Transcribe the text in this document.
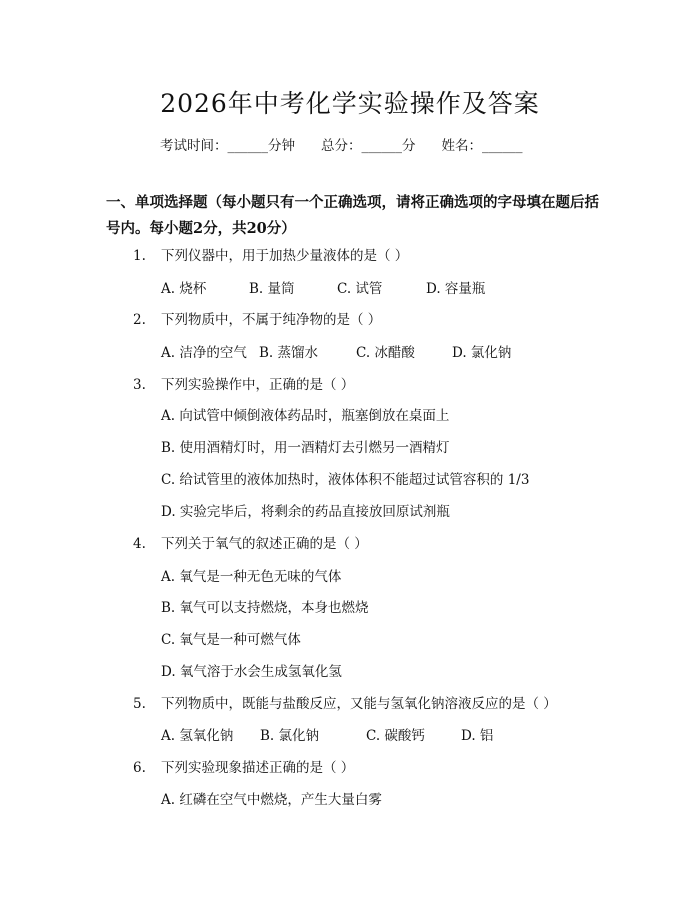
2026年中考化学实验操作及答案
考试时间：______分钟 总分：______分 姓名：______
一、单项选择题（每小题只有一个正确选项，请将正确选项的字母填在题后括号内。每小题2分，共20分）
1. 下列仪器中，用于加热少量液体的是（ ）
A. 烧杯	B. 量筒	C. 试管	D. 容量瓶
2. 下列物质中，不属于纯净物的是（ ）
A. 洁净的空气 B. 蒸馏水	C. 冰醋酸	D. 氯化钠
3. 下列实验操作中，正确的是（ ）
A. 向试管中倾倒液体药品时，瓶塞倒放在桌面上
B. 使用酒精灯时，用一酒精灯去引燃另一酒精灯
C. 给试管里的液体加热时，液体体积不能超过试管容积的 1/3
D. 实验完毕后，将剩余的药品直接放回原试剂瓶
4. 下列关于氧气的叙述正确的是（ ）
A. 氧气是一种无色无味的气体
B. 氧气可以支持燃烧，本身也燃烧
C. 氧气是一种可燃气体
D. 氧气溶于水会生成氢氧化氢
5. 下列物质中，既能与盐酸反应，又能与氢氧化钠溶液反应的是（ ）
A. 氢氧化钠 B. 氯化钠	C. 碳酸钙	D. 铝
6. 下列实验现象描述正确的是（ ）
A. 红磷在空气中燃烧，产生大量白雾
